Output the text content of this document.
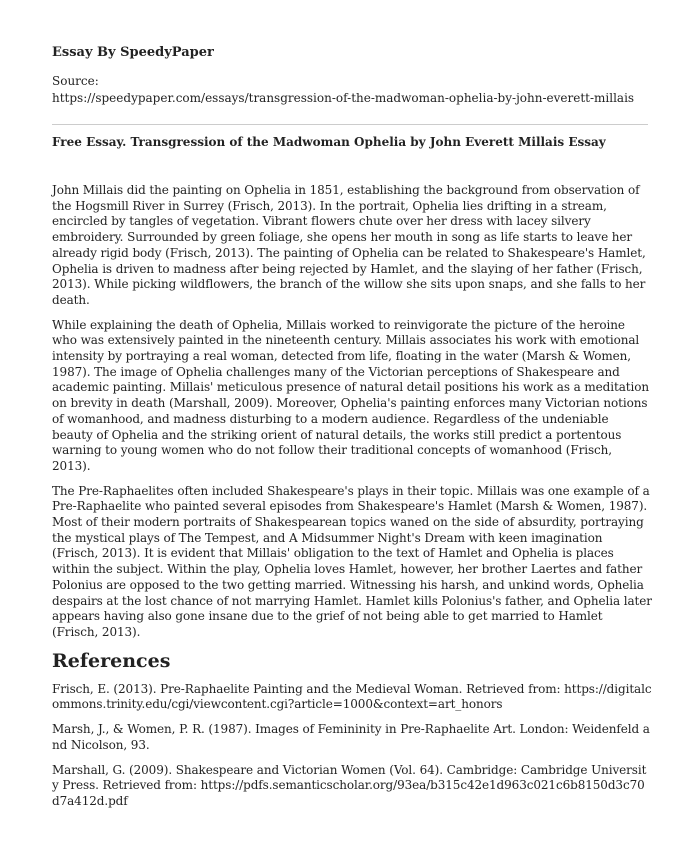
Essay By SpeedyPaper

Source:
https://speedypaper.com/essays/transgression-of-the-madwoman-ophelia-by-john-everett-millais

Free Essay. Transgression of the Madwoman Ophelia by John Everett Millais Essay

John Millais did the painting on Ophelia in 1851, establishing the background from observation of the Hogsmill River in Surrey (Frisch, 2013). In the portrait, Ophelia lies drifting in a stream, encircled by tangles of vegetation. Vibrant flowers chute over her dress with lacey silvery embroidery. Surrounded by green foliage, she opens her mouth in song as life starts to leave her already rigid body (Frisch, 2013). The painting of Ophelia can be related to Shakespeare's Hamlet, Ophelia is driven to madness after being rejected by Hamlet, and the slaying of her father (Frisch, 2013). While picking wildflowers, the branch of the willow she sits upon snaps, and she falls to her death.

While explaining the death of Ophelia, Millais worked to reinvigorate the picture of the heroine who was extensively painted in the nineteenth century. Millais associates his work with emotional intensity by portraying a real woman, detected from life, floating in the water (Marsh & Women, 1987). The image of Ophelia challenges many of the Victorian perceptions of Shakespeare and academic painting. Millais' meticulous presence of natural detail positions his work as a meditation on brevity in death (Marshall, 2009). Moreover, Ophelia's painting enforces many Victorian notions of womanhood, and madness disturbing to a modern audience. Regardless of the undeniable beauty of Ophelia and the striking orient of natural details, the works still predict a portentous warning to young women who do not follow their traditional concepts of womanhood (Frisch, 2013).

The Pre-Raphaelites often included Shakespeare's plays in their topic. Millais was one example of a Pre-Raphaelite who painted several episodes from Shakespeare's Hamlet (Marsh & Women, 1987). Most of their modern portraits of Shakespearean topics waned on the side of absurdity, portraying the mystical plays of The Tempest, and A Midsummer Night's Dream with keen imagination (Frisch, 2013). It is evident that Millais' obligation to the text of Hamlet and Ophelia is places within the subject. Within the play, Ophelia loves Hamlet, however, her brother Laertes and father Polonius are opposed to the two getting married. Witnessing his harsh, and unkind words, Ophelia despairs at the lost chance of not marrying Hamlet. Hamlet kills Polonius's father, and Ophelia later appears having also gone insane due to the grief of not being able to get married to Hamlet (Frisch, 2013).

References

Frisch, E. (2013). Pre-Raphaelite Painting and the Medieval Woman. Retrieved from: https://digitalcommons.trinity.edu/cgi/viewcontent.cgi?article=1000&context=art_honors

Marsh, J., & Women, P. R. (1987). Images of Femininity in Pre-Raphaelite Art. London: Weidenfeld and Nicolson, 93.

Marshall, G. (2009). Shakespeare and Victorian Women (Vol. 64). Cambridge: Cambridge University Press. Retrieved from: https://pdfs.semanticscholar.org/93ea/b315c42e1d963c021c6b8150d3c70d7a412d.pdf
